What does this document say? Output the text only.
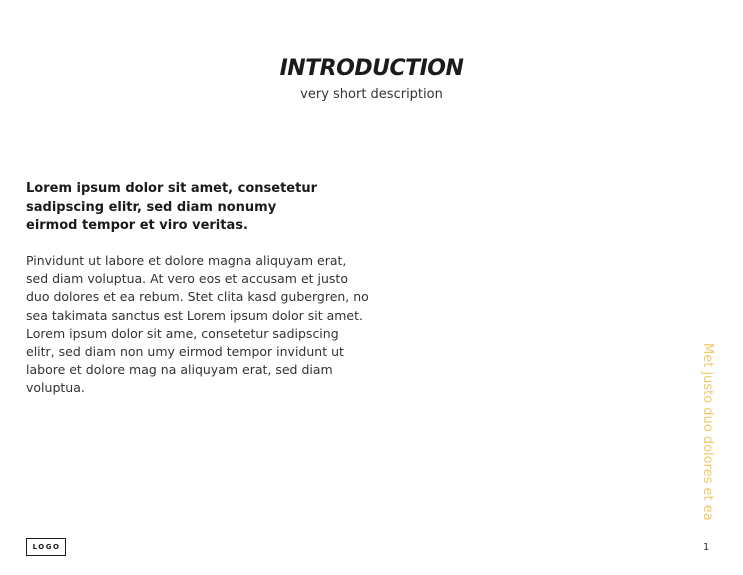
INTRODUCTION
very short description

Lorem ipsum dolor sit amet, consetetur sadipscing elitr, sed diam nonumy eirmod tempor et viro veritas.

Pinvidunt ut labore et dolore magna aliquyam erat, sed diam voluptua. At vero eos et accusam et justo duo dolores et ea rebum. Stet clita kasd gubergren, no sea takimata sanctus est Lorem ipsum dolor sit amet. Lorem ipsum dolor sit ame, consetetur sadipscing elitr, sed diam non umy eirmod tempor invidunt ut labore et dolore mag na aliquyam erat, sed diam voluptua.	Met justo duo dolores et ea
LOGO	1
